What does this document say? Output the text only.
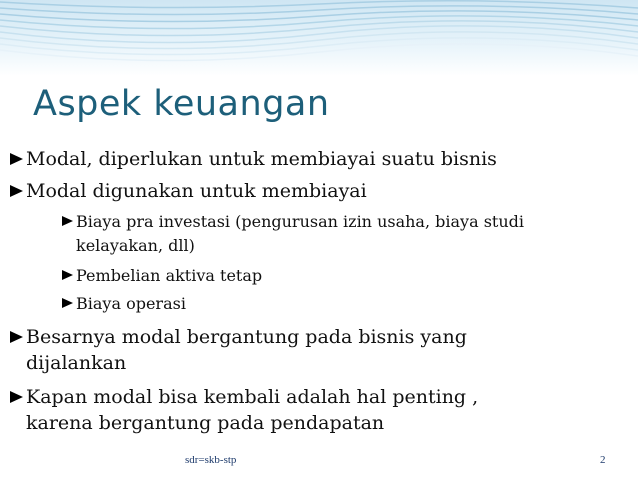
Aspek keuangan
Modal, diperlukan untuk membiayai suatu bisnis
Modal digunakan untuk membiayai
Biaya pra investasi (pengurusan izin usaha, biaya studi
kelayakan, dll)
Pembelian aktiva tetap
Biaya operasi
Besarnya modal bergantung pada bisnis yang
dijalankan
Kapan modal bisa kembali adalah hal penting ,
karena bergantung pada pendapatan
sdr=skb-stp	2
